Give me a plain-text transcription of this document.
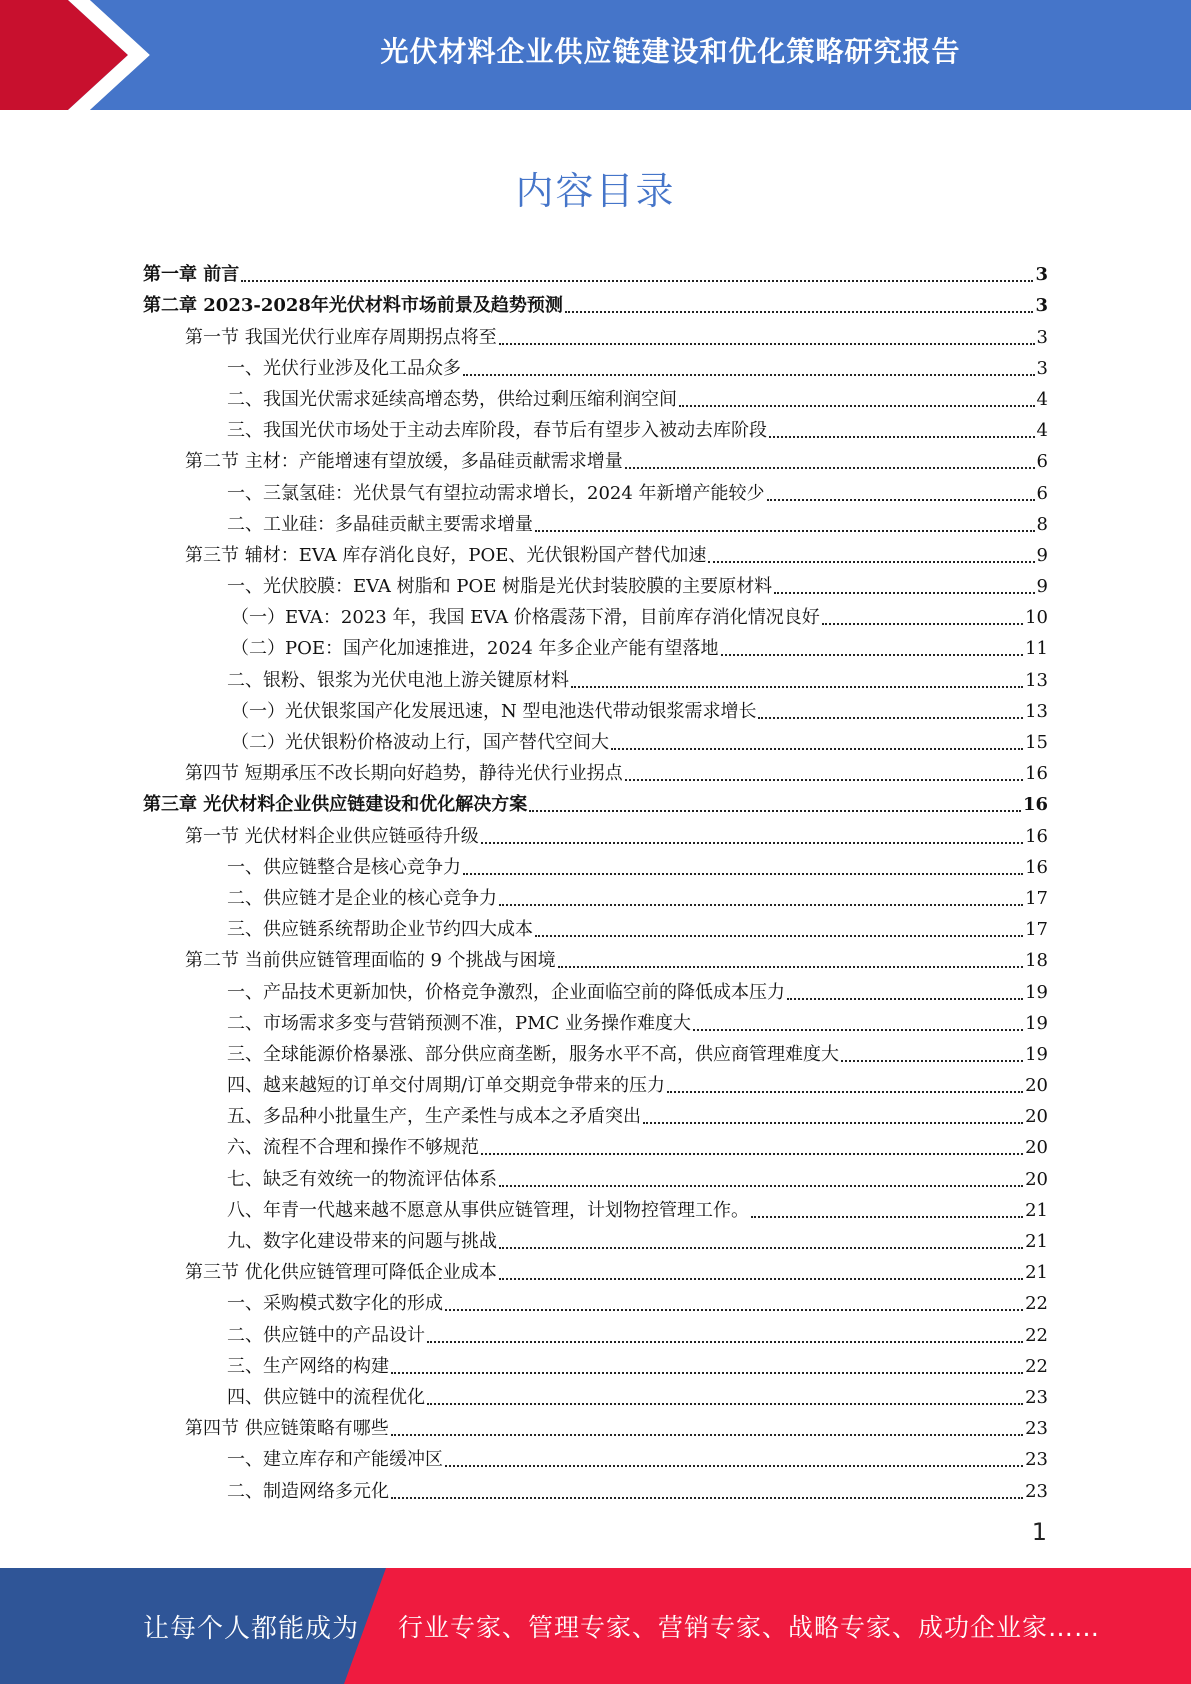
光伏材料企业供应链建设和优化策略研究报告
内容目录
第一章 前言	3
第二章 2023-2028年光伏材料市场前景及趋势预测	3
第一节 我国光伏行业库存周期拐点将至	3
一、光伏行业涉及化工品众多	3
二、我国光伏需求延续高增态势，供给过剩压缩利润空间	4
三、我国光伏市场处于主动去库阶段，春节后有望步入被动去库阶段	4
第二节 主材：产能增速有望放缓，多晶硅贡献需求增量	6
一、三氯氢硅：光伏景气有望拉动需求增长，2024 年新增产能较少	6
二、工业硅：多晶硅贡献主要需求增量	8
第三节 辅材：EVA 库存消化良好，POE、光伏银粉国产替代加速	9
一、光伏胶膜：EVA 树脂和 POE 树脂是光伏封装胶膜的主要原材料	9
（一）EVA：2023 年，我国 EVA 价格震荡下滑，目前库存消化情况良好	10
（二）POE：国产化加速推进，2024 年多企业产能有望落地	11
二、银粉、银浆为光伏电池上游关键原材料	13
（一）光伏银浆国产化发展迅速，N 型电池迭代带动银浆需求增长	13
（二）光伏银粉价格波动上行，国产替代空间大	15
第四节 短期承压不改长期向好趋势，静待光伏行业拐点	16
第三章 光伏材料企业供应链建设和优化解决方案	16
第一节 光伏材料企业供应链亟待升级	16
一、供应链整合是核心竞争力	16
二、供应链才是企业的核心竞争力	17
三、供应链系统帮助企业节约四大成本	17
第二节 当前供应链管理面临的 9 个挑战与困境	18
一、产品技术更新加快，价格竞争激烈，企业面临空前的降低成本压力	19
二、市场需求多变与营销预测不准，PMC 业务操作难度大	19
三、全球能源价格暴涨、部分供应商垄断，服务水平不高，供应商管理难度大	19
四、越来越短的订单交付周期/订单交期竞争带来的压力	20
五、多品种小批量生产，生产柔性与成本之矛盾突出	20
六、流程不合理和操作不够规范	20
七、缺乏有效统一的物流评估体系	20
八、年青一代越来越不愿意从事供应链管理，计划物控管理工作。	21
九、数字化建设带来的问题与挑战	21
第三节 优化供应链管理可降低企业成本	21
一、采购模式数字化的形成	22
二、供应链中的产品设计	22
三、生产网络的构建	22
四、供应链中的流程优化	23
第四节 供应链策略有哪些	23
一、建立库存和产能缓冲区	23
二、制造网络多元化	23
1
让每个人都能成为 行业专家、管理专家、营销专家、战略专家、成功企业家……
